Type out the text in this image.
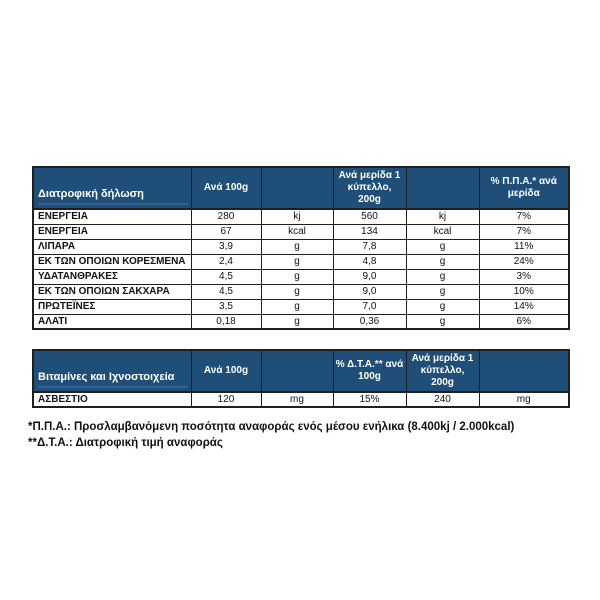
Διατροφική δήλωση	Ανά 100g		Ανά μερίδα 1 κύπελλο, 200g		% Π.Π.Α.* ανά μερίδα
ΕΝΕΡΓΕΙΑ	280	kj	560	kj	7%
ΕΝΕΡΓΕΙΑ	67	kcal	134	kcal	7%
ΛΙΠΑΡΑ	3,9	g	7,8	g	11%
ΕΚ ΤΩΝ ΟΠΟΙΩΝ ΚΟΡΕΣΜΕΝΑ	2,4	g	4,8	g	24%
ΥΔΑΤΑΝΘΡΑΚΕΣ	4,5	g	9,0	g	3%
ΕΚ ΤΩΝ ΟΠΟΙΩΝ ΣΑΚΧΑΡΑ	4,5	g	9,0	g	10%
ΠΡΩΤΕΪΝΕΣ	3,5	g	7,0	g	14%
ΑΛΑΤΙ	0,18	g	0,36	g	6%
Βιταμίνες και Ιχνοστοιχεία	Ανά 100g		% Δ.Τ.Α.** ανά 100g	Ανά μερίδα 1 κύπελλο, 200g	
ΑΣΒΕΣΤΙΟ	120	mg	15%	240	mg

*Π.Π.Α.: Προσλαμβανόμενη ποσότητα αναφοράς ενός μέσου ενήλικα (8.400kj / 2.000kcal)

**Δ.Τ.Α.: Διατροφική τιμή αναφοράς
